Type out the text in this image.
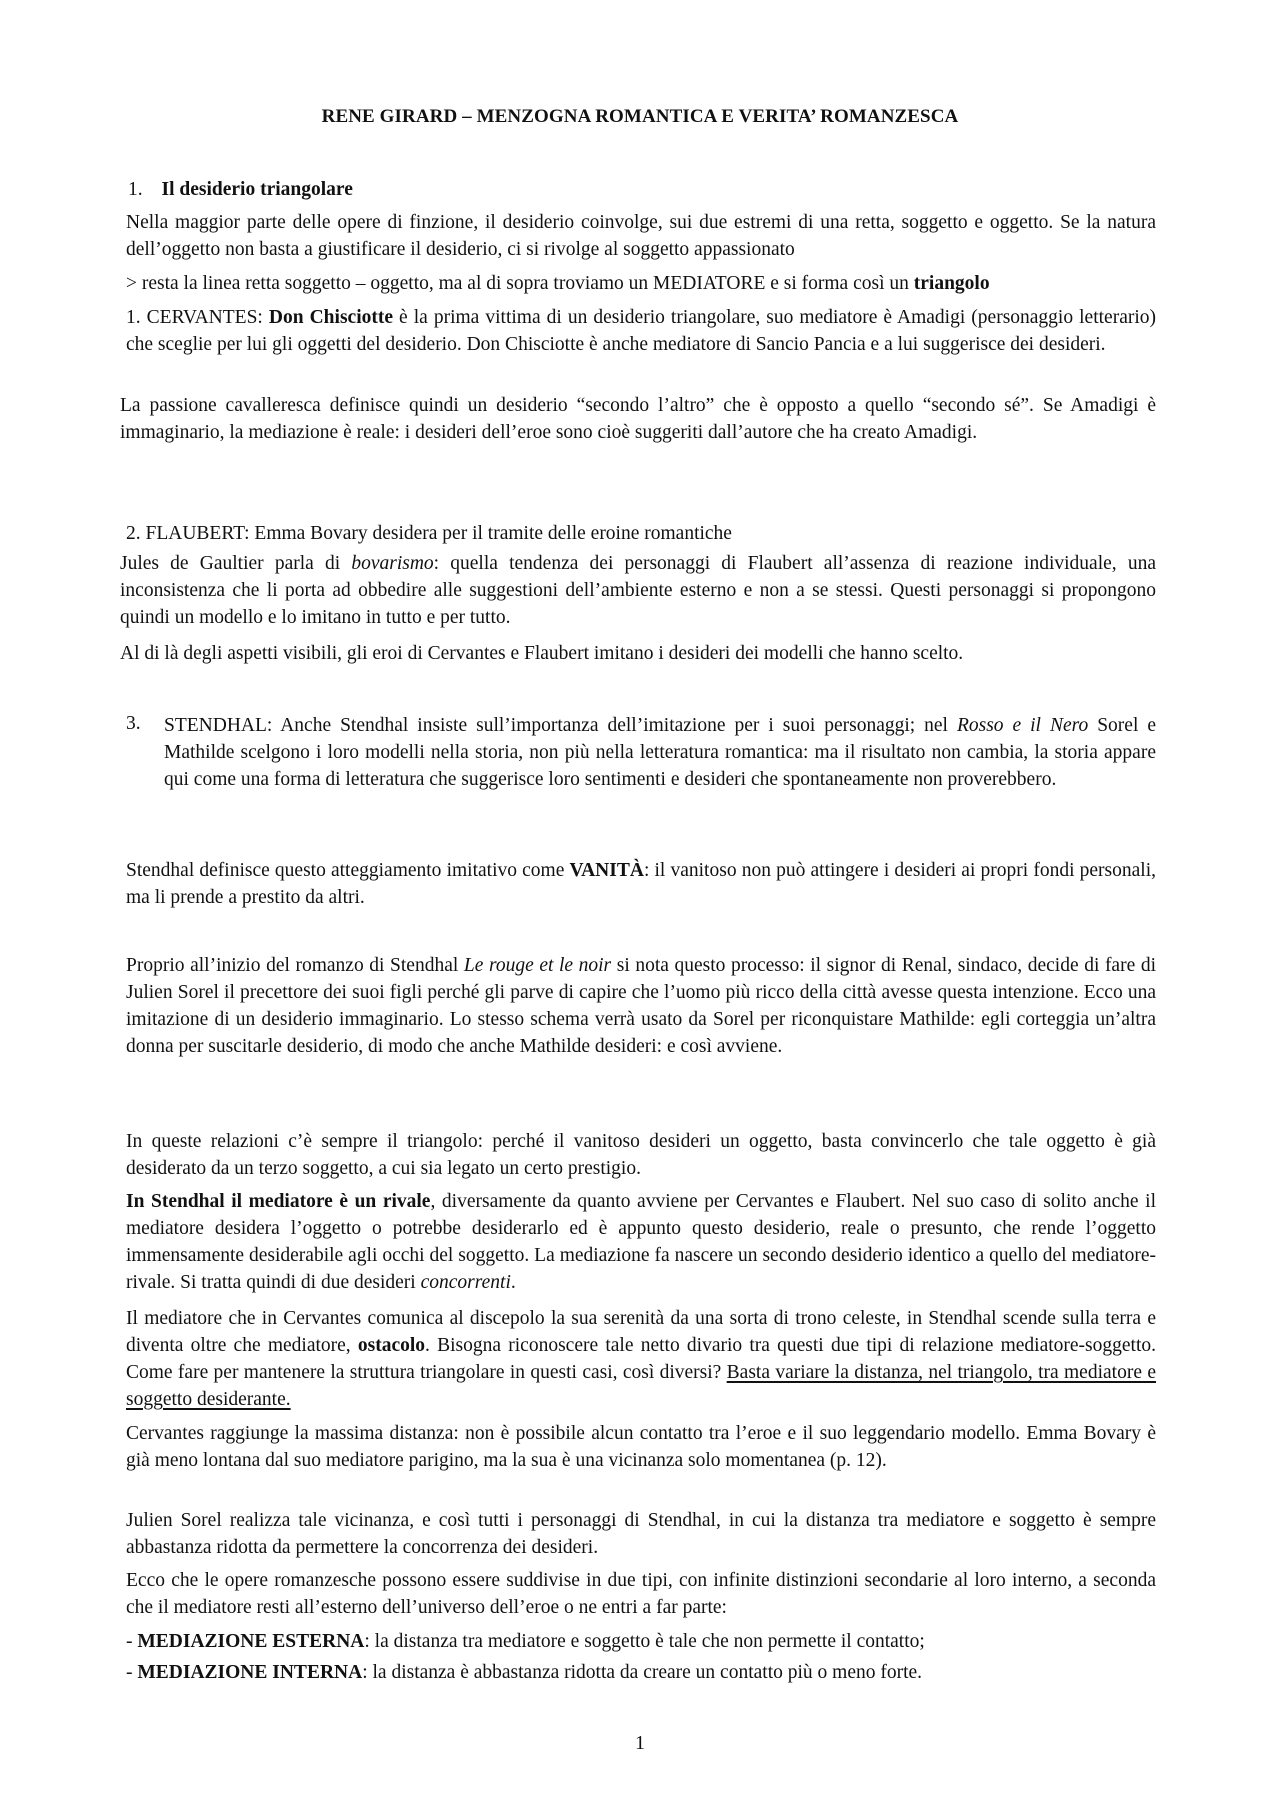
RENE GIRARD – MENZOGNA ROMANTICA E VERITA’ ROMANZESCA
1. Il desiderio triangolare

Nella maggior parte delle opere di finzione, il desiderio coinvolge, sui due estremi di una retta, soggetto e oggetto. Se la natura dell’oggetto non basta a giustificare il desiderio, ci si rivolge al soggetto appassionato

> resta la linea retta soggetto – oggetto, ma al di sopra troviamo un MEDIATORE e si forma così un triangolo

1. CERVANTES: Don Chisciotte è la prima vittima di un desiderio triangolare, suo mediatore è Amadigi (personaggio letterario) che sceglie per lui gli oggetti del desiderio. Don Chisciotte è anche mediatore di Sancio Pancia e a lui suggerisce dei desideri.

La passione cavalleresca definisce quindi un desiderio “secondo l’altro” che è opposto a quello “secondo sé”. Se Amadigi è immaginario, la mediazione è reale: i desideri dell’eroe sono cioè suggeriti dall’autore che ha creato Amadigi.

2. FLAUBERT: Emma Bovary desidera per il tramite delle eroine romantiche

Jules de Gaultier parla di bovarismo: quella tendenza dei personaggi di Flaubert all’assenza di reazione individuale, una inconsistenza che li porta ad obbedire alle suggestioni dell’ambiente esterno e non a se stessi. Questi personaggi si propongono quindi un modello e lo imitano in tutto e per tutto.

Al di là degli aspetti visibili, gli eroi di Cervantes e Flaubert imitano i desideri dei modelli che hanno scelto.

3. STENDHAL: Anche Stendhal insiste sull’importanza dell’imitazione per i suoi personaggi; nel Rosso e il Nero Sorel e Mathilde scelgono i loro modelli nella storia, non più nella letteratura romantica: ma il risultato non cambia, la storia appare qui come una forma di letteratura che suggerisce loro sentimenti e desideri che spontaneamente non proverebbero.

Stendhal definisce questo atteggiamento imitativo come VANITÀ: il vanitoso non può attingere i desideri ai propri fondi personali, ma li prende a prestito da altri.

Proprio all’inizio del romanzo di Stendhal Le rouge et le noir si nota questo processo: il signor di Renal, sindaco, decide di fare di Julien Sorel il precettore dei suoi figli perché gli parve di capire che l’uomo più ricco della città avesse questa intenzione. Ecco una imitazione di un desiderio immaginario. Lo stesso schema verrà usato da Sorel per riconquistare Mathilde: egli corteggia un’altra donna per suscitarle desiderio, di modo che anche Mathilde desideri: e così avviene.

In queste relazioni c’è sempre il triangolo: perché il vanitoso desideri un oggetto, basta convincerlo che tale oggetto è già desiderato da un terzo soggetto, a cui sia legato un certo prestigio.

In Stendhal il mediatore è un rivale, diversamente da quanto avviene per Cervantes e Flaubert. Nel suo caso di solito anche il mediatore desidera l’oggetto o potrebbe desiderarlo ed è appunto questo desiderio, reale o presunto, che rende l’oggetto immensamente desiderabile agli occhi del soggetto. La mediazione fa nascere un secondo desiderio identico a quello del mediatore-rivale. Si tratta quindi di due desideri concorrenti.

Il mediatore che in Cervantes comunica al discepolo la sua serenità da una sorta di trono celeste, in Stendhal scende sulla terra e diventa oltre che mediatore, ostacolo. Bisogna riconoscere tale netto divario tra questi due tipi di relazione mediatore-soggetto. Come fare per mantenere la struttura triangolare in questi casi, così diversi? Basta variare la distanza, nel triangolo, tra mediatore e soggetto desiderante.

Cervantes raggiunge la massima distanza: non è possibile alcun contatto tra l’eroe e il suo leggendario modello. Emma Bovary è già meno lontana dal suo mediatore parigino, ma la sua è una vicinanza solo momentanea (p. 12).

Julien Sorel realizza tale vicinanza, e così tutti i personaggi di Stendhal, in cui la distanza tra mediatore e soggetto è sempre abbastanza ridotta da permettere la concorrenza dei desideri.

Ecco che le opere romanzesche possono essere suddivise in due tipi, con infinite distinzioni secondarie al loro interno, a seconda che il mediatore resti all’esterno dell’universo dell’eroe o ne entri a far parte:

- MEDIAZIONE ESTERNA: la distanza tra mediatore e soggetto è tale che non permette il contatto;

- MEDIAZIONE INTERNA: la distanza è abbastanza ridotta da creare un contatto più o meno forte.

1
